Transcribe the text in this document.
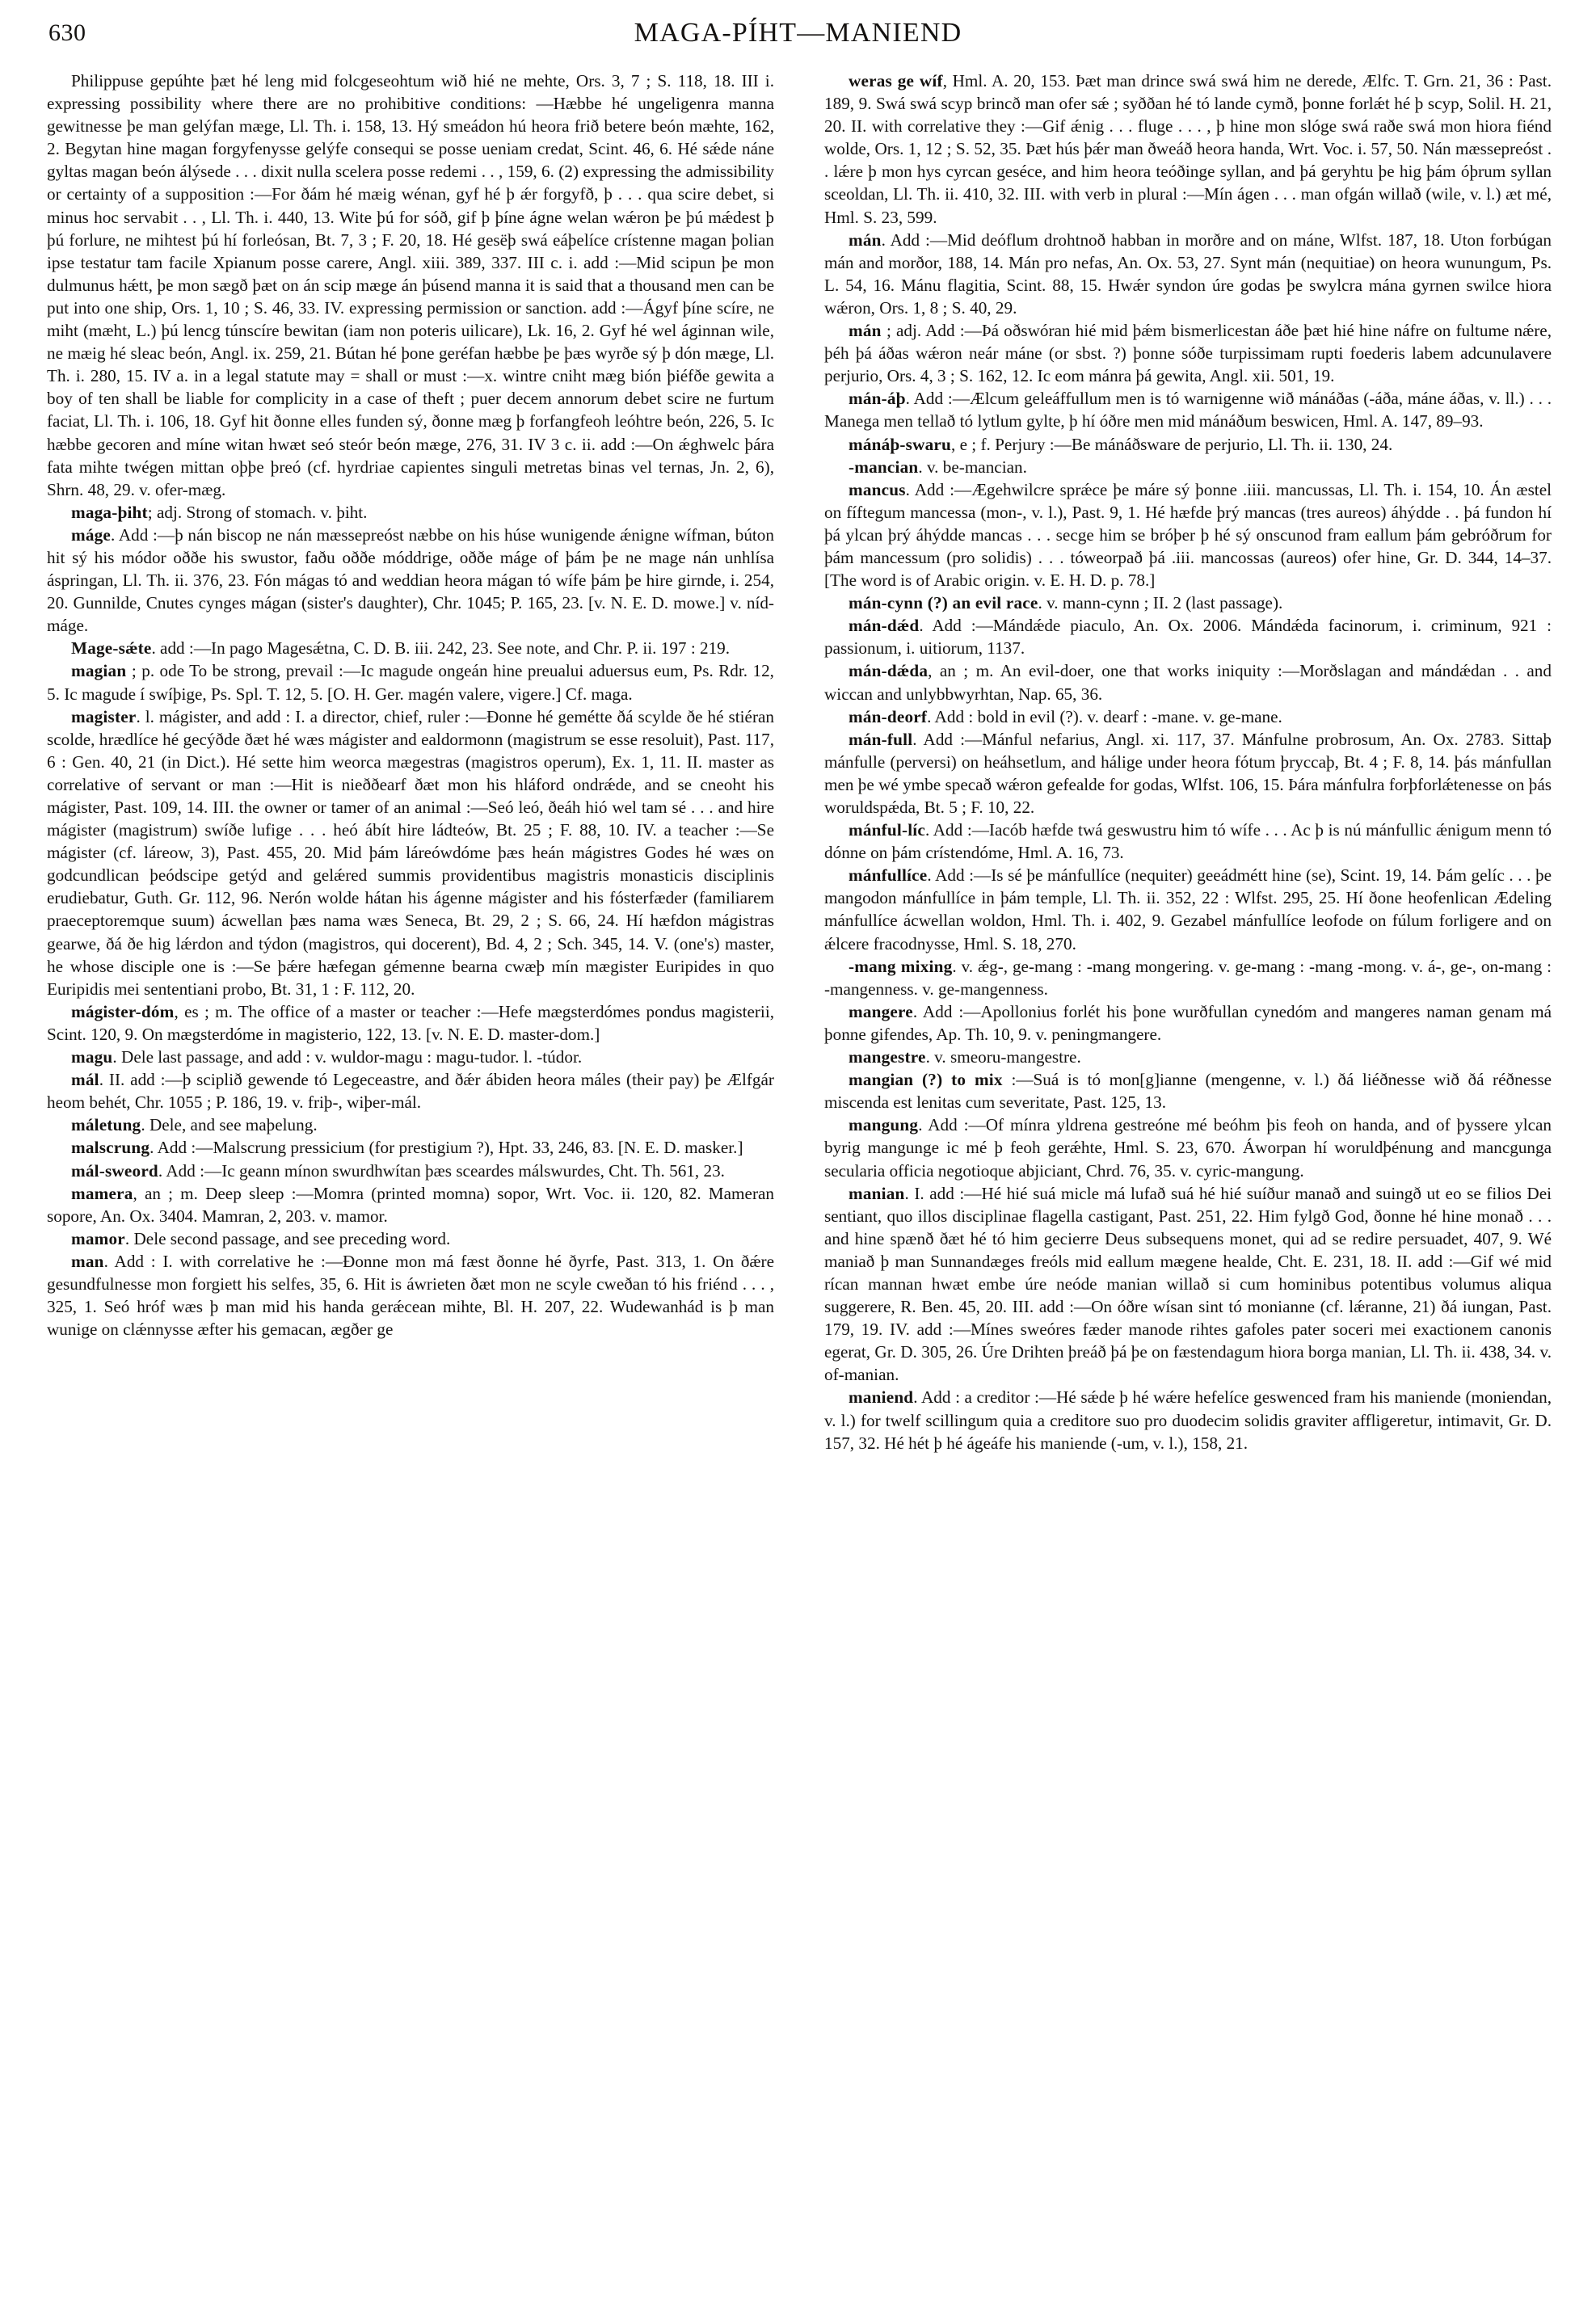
630	MAGA-PÍHT—MANIEND

Philippuse gepúhte þæt hé leng mid folcgeseohtum wið hié ne mehte, Ors. 3, 7 ; S. 118, 18. III i. expressing possibility where there are no prohibitive conditions: —Hæbbe hé ungeligenra manna gewitnesse þe man gelýfan mæge, Ll. Th. i. 158, 13. Hý smeádon hú heora frið betere beón mæhte, 162, 2. Begytan hine magan forgyfenysse gelýfe consequi se posse ueniam credat, Scint. 46, 6. Hé sǽde náne gyltas magan beón álýsede . . . dixit nulla scelera posse redemi . . , 159, 6. (2) expressing the admissibility or certainty of a supposition :—For ðám hé mæig wénan, gyf hé þ ǽr forgyfð, þ . . . qua scire debet, si minus hoc servabit . . , Ll. Th. i. 440, 13. Wite þú for sóð, gif þ þíne ágne welan wǽron þe þú mǽdest þ þú forlure, ne mihtest þú hí forleósan, Bt. 7, 3 ; F. 20, 18. Hé gesëþ swá eáþelíce crístenne magan þolian ipse testatur tam facile Xpianum posse carere, Angl. xiii. 389, 337. III c. i. add :—Mid scipun þe mon dulmunus hǽtt, þe mon sægð þæt on án scip mæge án þúsend manna it is said that a thousand men can be put into one ship, Ors. 1, 10 ; S. 46, 33. IV. expressing permission or sanction. add :—Ágyf þíne scíre, ne miht (mæht, L.) þú lencg túnscíre bewitan (iam non poteris uilicare), Lk. 16, 2. Gyf hé wel áginnan wile, ne mæig hé sleac beón, Angl. ix. 259, 21. Bútan hé þone geréfan hæbbe þe þæs wyrðe sý þ dón mæge, Ll. Th. i. 280, 15. IV a. in a legal statute may = shall or must :—x. wintre cniht mæg bión þiéfðe gewita a boy of ten shall be liable for complicity in a case of theft ; puer decem annorum debet scire ne furtum faciat, Ll. Th. i. 106, 18. Gyf hit ðonne elles funden sý, ðonne mæg þ forfangfeoh leóhtre beón, 226, 5. Ic hæbbe gecoren and míne witan hwæt seó steór beón mæge, 276, 31. IV 3 c. ii. add :—On ǽghwelc þára fata mihte twégen mittan oþþe þreó (cf. hyrdriae capientes singuli metretas binas vel ternas, Jn. 2, 6), Shrn. 48, 29. v. ofer-mæg.

maga-þiht; adj. Strong of stomach. v. þiht.

máge. Add :—þ nán biscop ne nán mæssepreóst næbbe on his húse wunigende ǽnigne wífman, búton hit sý his módor oððe his swustor, faðu oððe móddrige, oððe máge of þám þe ne mage nán unhlísa áspringan, Ll. Th. ii. 376, 23. Fón mágas tó and weddian heora mágan tó wífe þám þe hire girnde, i. 254, 20. Gunnilde, Cnutes cynges mágan (sister's daughter), Chr. 1045; P. 165, 23. [v. N. E. D. mowe.] v. níd-máge.

Mage-sǽte. add :—In pago Magesǽtna, C. D. B. iii. 242, 23. See note, and Chr. P. ii. 197 : 219.

magian ; p. ode To be strong, prevail :—Ic magude ongeán hine preualui aduersus eum, Ps. Rdr. 12, 5. Ic magude í swíþige, Ps. Spl. T. 12, 5. [O. H. Ger. magén valere, vigere.] Cf. maga.

magister. l. mágister, and add : I. a director, chief, ruler :—Ðonne hé gemétte ðá scylde ðe hé stiéran scolde, hrædlíce hé gecýðde ðæt hé wæs mágister and ealdormonn (magistrum se esse resoluit), Past. 117, 6 : Gen. 40, 21 (in Dict.). Hé sette him weorca mægestras (magistros operum), Ex. 1, 11. II. master as correlative of servant or man :—Hit is nieððearf ðæt mon his hláford ondrǽde, and se cneoht his mágister, Past. 109, 14. III. the owner or tamer of an animal :—Seó leó, ðeáh hió wel tam sé . . . and hire mágister (magistrum) swíðe lufige . . . heó ábít hire ládteów, Bt. 25 ; F. 88, 10. IV. a teacher :—Se mágister (cf. láreow, 3), Past. 455, 20. Mid þám láreówdóme þæs heán mágistres Godes hé wæs on godcundlican þeódscipe getýd and gelǽred summis providentibus magistris monasticis disciplinis erudiebatur, Guth. Gr. 112, 96. Nerón wolde hátan his ágenne mágister and his fósterfæder (familiarem praeceptoremque suum) ácwellan þæs nama wæs Seneca, Bt. 29, 2 ; S. 66, 24. Hí hæfdon mágistras gearwe, ðá ðe hig lǽrdon and týdon (magistros, qui docerent), Bd. 4, 2 ; Sch. 345, 14. V. (one's) master, he whose disciple one is :—Se þǽre hæfegan gémenne bearna cwæþ mín mægister Euripides in quo Euripidis mei sententiani probo, Bt. 31, 1 : F. 112, 20.

mágister-dóm, es ; m. The office of a master or teacher :—Hefe mægsterdómes pondus magisterii, Scint. 120, 9. On mægsterdóme in magisterio, 122, 13. [v. N. E. D. master-dom.]

magu. Dele last passage, and add : v. wuldor-magu : magu-tudor. l. -túdor.

mál. II. add :—þ sciplið gewende tó Legeceastre, and ðǽr ábiden heora máles (their pay) þe Ælfgár heom behét, Chr. 1055 ; P. 186, 19. v. friþ-, wiþer-mál.

máletung. Dele, and see maþelung.

malscrung. Add :—Malscrung pressicium (for prestigium ?), Hpt. 33, 246, 83. [N. E. D. masker.]

mál-sweord. Add :—Ic geann mínon swurdhwítan þæs sceardes málswurdes, Cht. Th. 561, 23.

mamera, an ; m. Deep sleep :—Momra (printed momna) sopor, Wrt. Voc. ii. 120, 82. Mameran sopore, An. Ox. 3404. Mamran, 2, 203. v. mamor.

mamor. Dele second passage, and see preceding word.

man. Add : I. with correlative he :—Ðonne mon má fæst ðonne hé ðyrfe, Past. 313, 1. On ðǽre gesundfulnesse mon forgiett his selfes, 35, 6. Hit is áwrieten ðæt mon ne scyle cweðan tó his friénd . . . , 325, 1. Seó hróf wæs þ man mid his handa gerǽcean mihte, Bl. H. 207, 22. Wudewanhád is þ man wunige on clǽnnysse æfter his gemacan, ægðer ge

weras ge wíf, Hml. A. 20, 153. Þæt man drince swá swá him ne derede, Ælfc. T. Grn. 21, 36 : Past. 189, 9. Swá swá scyp brincð man ofer sǽ ; syððan hé tó lande cymð, þonne forlǽt hé þ scyp, Solil. H. 21, 20. II. with correlative they :—Gif ǽnig . . . fluge . . . , þ hine mon slóge swá raðe swá mon hiora fiénd wolde, Ors. 1, 12 ; S. 52, 35. Þæt hús þǽr man ðweáð heora handa, Wrt. Voc. i. 57, 50. Nán mæssepreóst . . lǽre þ mon hys cyrcan geséce, and him heora teóðinge syllan, and þá geryhtu þe hig þám óþrum syllan sceoldan, Ll. Th. ii. 410, 32. III. with verb in plural :—Mín ágen . . . man ofgán willað (wile, v. l.) æt mé, Hml. S. 23, 599.

mán. Add :—Mid deóflum drohtnoð habban in morðre and on máne, Wlfst. 187, 18. Uton forbúgan mán and morðor, 188, 14. Mán pro nefas, An. Ox. 53, 27. Synt mán (nequitiae) on heora wunungum, Ps. L. 54, 16. Mánu flagitia, Scint. 88, 15. Hwǽr syndon úre godas þe swylcra mána gyrnen swilce hiora wǽron, Ors. 1, 8 ; S. 40, 29.

mán ; adj. Add :—Þá oðswóran hié mid þǽm bismerlicestan áðe þæt hié hine náfre on fultume nǽre, þéh þá áðas wǽron neár máne (or sbst. ?) þonne sóðe turpissimam rupti foederis labem adcunulavere perjurio, Ors. 4, 3 ; S. 162, 12. Ic eom mánra þá gewita, Angl. xii. 501, 19.

mán-áþ. Add :—Ælcum geleáffullum men is tó warnigenne wið mánáðas (-áða, máne áðas, v. ll.) . . . Manega men tellað tó lytlum gylte, þ hí óðre men mid mánáðum beswicen, Hml. A. 147, 89–93.

mánáþ-swaru, e ; f. Perjury :—Be mánáðsware de perjurio, Ll. Th. ii. 130, 24.

-mancian. v. be-mancian.

mancus. Add :—Ægehwilcre sprǽce þe máre sý þonne .iiii. mancussas, Ll. Th. i. 154, 10. Án æstel on fíftegum mancessa (mon-, v. l.), Past. 9, 1. Hé hæfde þrý mancas (tres aureos) áhýdde . . þá fundon hí þá ylcan þrý áhýdde mancas . . . secge him se bróþer þ hé sý onscunod fram eallum þám gebróðrum for þám mancessum (pro solidis) . . . tóweorpað þá .iii. mancossas (aureos) ofer hine, Gr. D. 344, 14–37. [The word is of Arabic origin. v. E. H. D. p. 78.]

mán-cynn (?) an evil race. v. mann-cynn ; II. 2 (last passage).

mán-dǽd. Add :—Mándǽde piaculo, An. Ox. 2006. Mándǽda facinorum, i. criminum, 921 : passionum, i. uitiorum, 1137.

mán-dǽda, an ; m. An evil-doer, one that works iniquity :—Morðslagan and mándǽdan . . and wiccan and unlybbwyrhtan, Nap. 65, 36.

mán-deorf. Add : bold in evil (?). v. dearf : -mane. v. ge-mane.

mán-full. Add :—Mánful nefarius, Angl. xi. 117, 37. Mánfulne probrosum, An. Ox. 2783. Sittaþ mánfulle (perversi) on heáhsetlum, and hálige under heora fótum þryccaþ, Bt. 4 ; F. 8, 14. þás mánfullan men þe wé ymbe specað wǽron gefealde for godas, Wlfst. 106, 15. Þára mánfulra forþforlǽtenesse on þás woruldspǽda, Bt. 5 ; F. 10, 22.

mánful-líc. Add :—Iacób hæfde twá geswustru him tó wífe . . . Ac þ is nú mánfullic ǽnigum menn tó dónne on þám crístendóme, Hml. A. 16, 73.

mánfullíce. Add :—Is sé þe mánfullíce (nequiter) geeádmétt hine (se), Scint. 19, 14. Þám gelíc . . . þe mangodon mánfullíce in þám temple, Ll. Th. ii. 352, 22 : Wlfst. 295, 25. Hí ðone heofenlican Ædeling mánfullíce ácwellan woldon, Hml. Th. i. 402, 9. Gezabel mánfullíce leofode on fúlum forligere and on ǽlcere fracodnysse, Hml. S. 18, 270.

-mang mixing. v. ǽg-, ge-mang : -mang mongering. v. ge-mang : -mang -mong. v. á-, ge-, on-mang : -mangenness. v. ge-mangenness.

mangere. Add :—Apollonius forlét his þone wurðfullan cynedóm and mangeres naman genam má þonne gifendes, Ap. Th. 10, 9. v. peningmangere.

mangestre. v. smeoru-mangestre.

mangian (?) to mix :—Suá is tó mon[g]ianne (mengenne, v. l.) ðá liéðnesse wið ðá réðnesse miscenda est lenitas cum severitate, Past. 125, 13.

mangung. Add :—Of mínra yldrena gestreóne mé beóhm þis feoh on handa, and of þyssere ylcan byrig mangunge ic mé þ feoh gerǽhte, Hml. S. 23, 670. Áworpan hí woruldþénung and mancgunga secularia officia negotioque abjiciant, Chrd. 76, 35. v. cyric-mangung.

manian. I. add :—Hé hié suá micle má lufað suá hé hié suíður manað and suingð ut eo se filios Dei sentiant, quo illos disciplinae flagella castigant, Past. 251, 22. Him fylgð God, ðonne hé hine monað . . . and hine spænð ðæt hé tó him gecierre Deus subsequens monet, qui ad se redire persuadet, 407, 9. Wé maniað þ man Sunnandæges freóls mid eallum mægene healde, Cht. E. 231, 18. II. add :—Gif wé mid rícan mannan hwæt embe úre neóde manian willað si cum hominibus potentibus volumus aliqua suggerere, R. Ben. 45, 20. III. add :—On óðre wísan sint tó monianne (cf. lǽranne, 21) ðá iungan, Past. 179, 19. IV. add :—Mínes sweóres fæder manode rihtes gafoles pater soceri mei exactionem canonis egerat, Gr. D. 305, 26. Úre Drihten þreáð þá þe on fæstendagum hiora borga manian, Ll. Th. ii. 438, 34. v. of-manian.

maniend. Add : a creditor :—Hé sǽde þ hé wǽre hefelíce geswenced fram his maniende (moniendan, v. l.) for twelf scillingum quia a creditore suo pro duodecim solidis graviter affligeretur, intimavit, Gr. D. 157, 32. Hé hét þ hé ágeáfe his maniende (-um, v. l.), 158, 21.
